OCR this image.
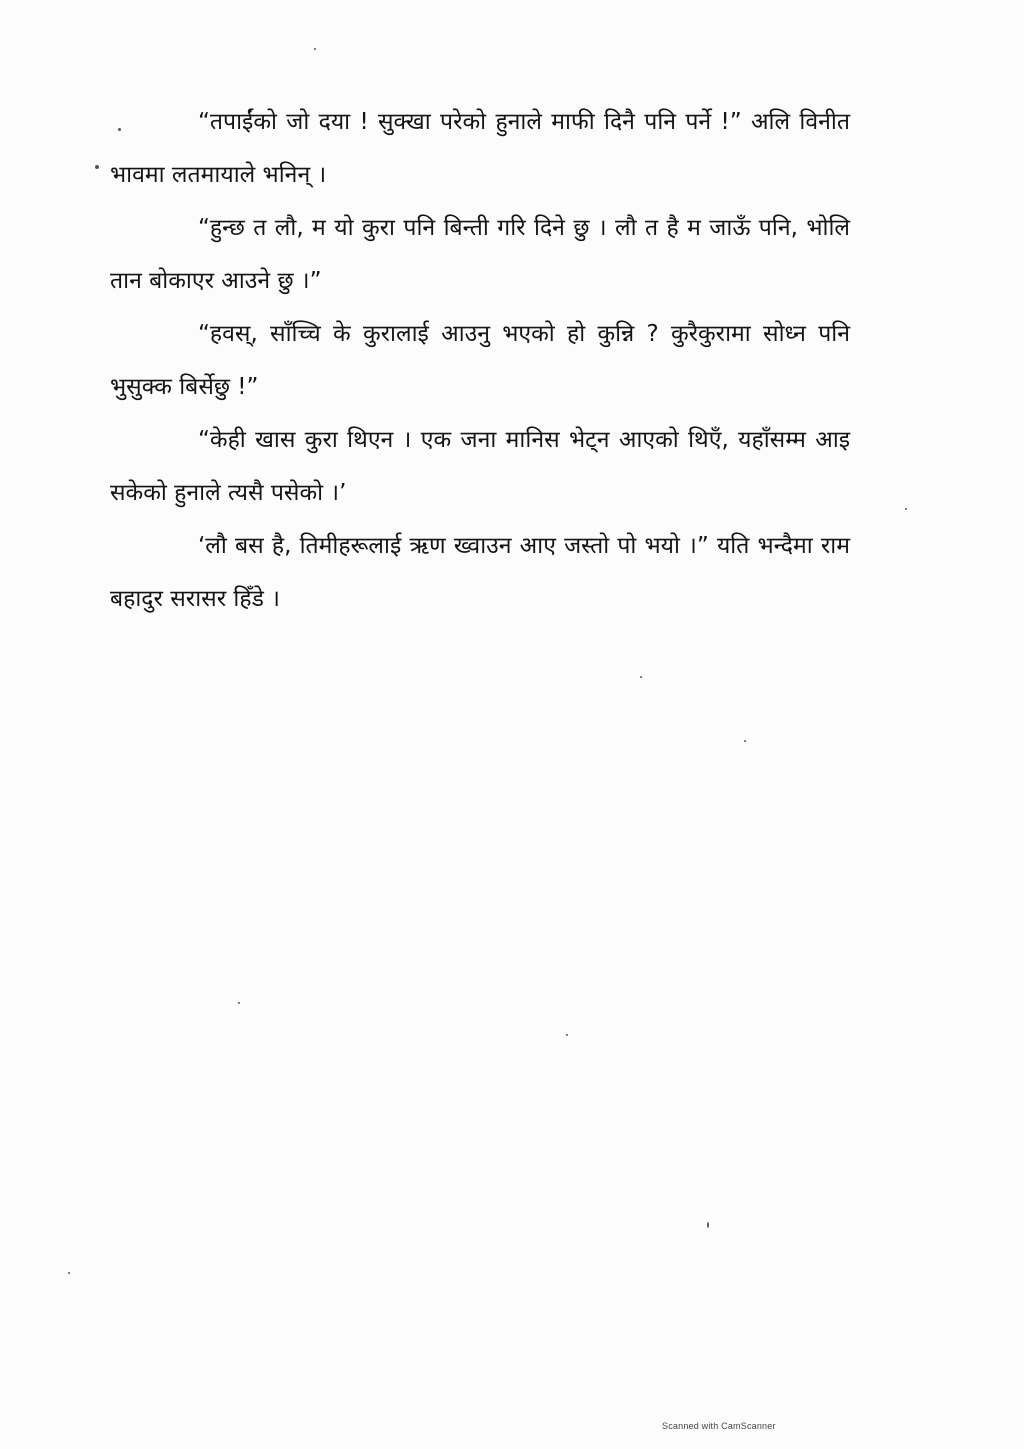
“तपाईंको जो दया ! सुक्खा परेको हुनाले माफी दिनै पनि पर्ने !” अलि विनीत भावमा लतमायाले भनिन् ।

“हुन्छ त लौ, म यो कुरा पनि बिन्ती गरि दिने छु । लौ त है म जाऊँ पनि, भोलि तान बोकाएर आउने छु ।”

“हवस्, साँच्चि के कुरालाई आउनु भएको हो कुन्नि ? कुरैकुरामा सोध्न पनि भुसुक्क बिर्सेछु !”

“केही खास कुरा थिएन । एक जना मानिस भेट्न आएको थिएँ, यहाँसम्म आइ सकेको हुनाले त्यसै पसेको ।’

‘लौ बस है, तिमीहरूलाई ऋण ख्वाउन आए जस्तो पो भयो ।” यति भन्दैमा राम बहादुर सरासर हिँडे ।

Scanned with CamScanner
